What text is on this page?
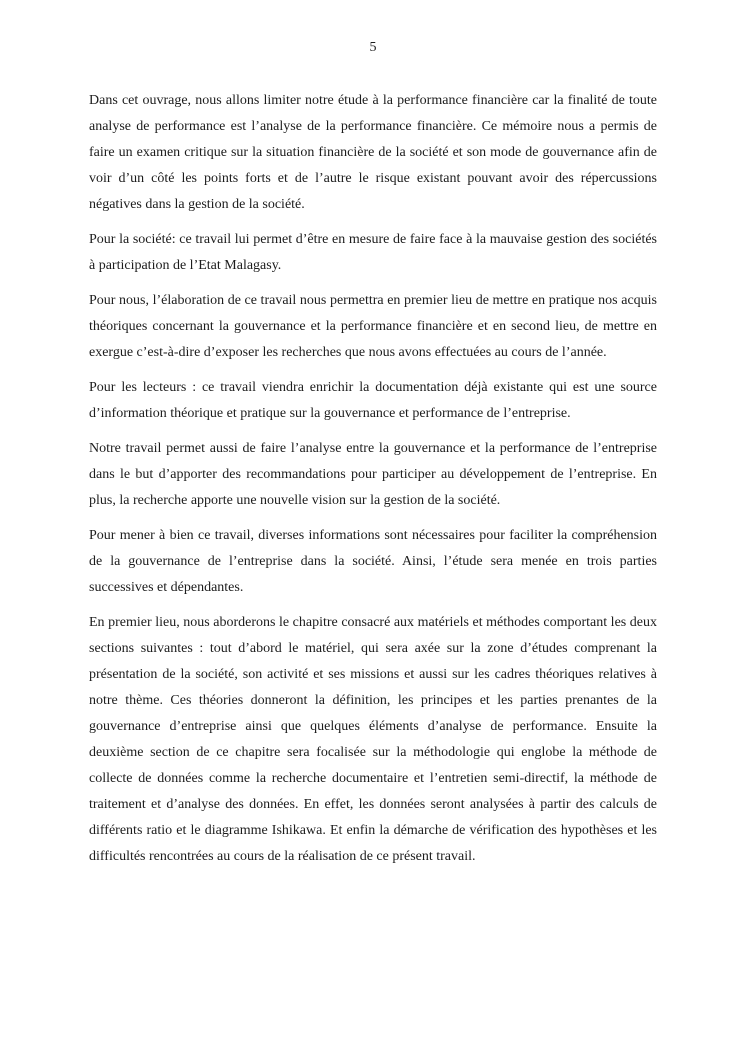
5

Dans cet ouvrage, nous allons limiter notre étude à la performance financière car la finalité de toute analyse de performance est l’analyse de la performance financière. Ce mémoire nous a permis de faire un examen critique sur la situation financière de la société et son mode de gouvernance afin de voir d’un côté les points forts et de l’autre le risque existant pouvant avoir des répercussions négatives dans la gestion de la société.

Pour la société: ce travail lui permet d’être en mesure de faire face à la mauvaise gestion des sociétés à participation de l’Etat Malagasy.

Pour nous, l’élaboration de ce travail nous permettra en premier lieu de mettre en pratique nos acquis théoriques concernant la gouvernance et la performance financière et en second lieu, de mettre en exergue c’est-à-dire d’exposer les recherches que nous avons effectuées au cours de l’année.

Pour les lecteurs : ce travail viendra enrichir la documentation déjà existante qui est une source d’information théorique et pratique sur la gouvernance et performance de l’entreprise.

Notre travail permet aussi de faire l’analyse entre la gouvernance et la performance de l’entreprise dans le but d’apporter des recommandations pour participer au développement de l’entreprise. En plus, la recherche apporte une nouvelle vision sur la gestion de la société.

Pour mener à bien ce travail, diverses informations sont nécessaires pour faciliter la compréhension de la gouvernance de l’entreprise dans la société. Ainsi, l’étude sera menée en trois parties successives et dépendantes.

En premier lieu, nous aborderons le chapitre consacré aux matériels et méthodes comportant les deux sections suivantes : tout d’abord le matériel, qui sera axée sur la zone d’études comprenant la présentation de la société, son activité et ses missions et aussi sur les cadres théoriques relatives à notre thème. Ces théories donneront la définition, les principes et les parties prenantes de la gouvernance d’entreprise ainsi que quelques éléments d’analyse de performance. Ensuite la deuxième section de ce chapitre sera focalisée sur la méthodologie qui englobe la méthode de collecte de données comme la recherche documentaire et l’entretien semi-directif, la méthode de traitement et d’analyse des données. En effet, les données seront analysées à partir des calculs de différents ratio et le diagramme Ishikawa. Et enfin la démarche de vérification des hypothèses et les difficultés rencontrées au cours de la réalisation de ce présent travail.
